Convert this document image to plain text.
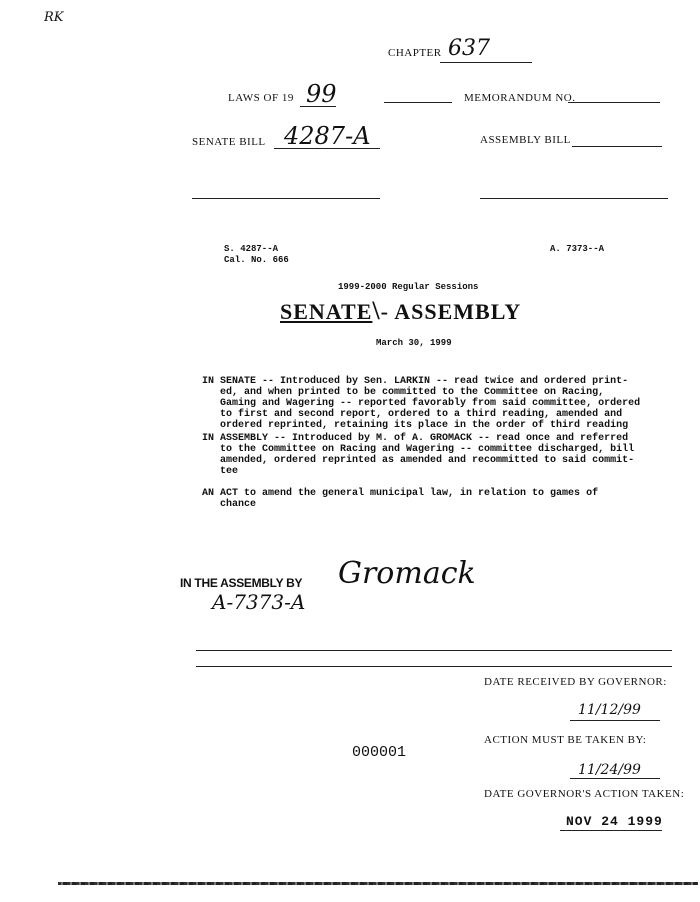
RK
CHAPTER 637
LAWS OF 19 99	MEMORANDUM NO.
SENATE BILL 4287-A	ASSEMBLY BILL
S. 4287--A
Cal. No. 666
A. 7373--A
1999-2000 Regular Sessions
SENATE\- ASSEMBLY
March 30, 1999
IN SENATE -- Introduced by Sen. LARKIN -- read twice and ordered print-
ed, and when printed to be committed to the Committee on Racing,
Gaming and Wagering -- reported favorably from said committee, ordered
to first and second report, ordered to a third reading, amended and
ordered reprinted, retaining its place in the order of third reading
IN ASSEMBLY -- Introduced by M. of A. GROMACK -- read once and referred
to the Committee on Racing and Wagering -- committee discharged, bill
amended, ordered reprinted as amended and recommitted to said commit-
tee
AN ACT to amend the general municipal law, in relation to games of
chance
IN THE ASSEMBLY BY Gromack
A-7373-A
DATE RECEIVED BY GOVERNOR:
11/12/99
ACTION MUST BE TAKEN BY:
11/24/99
DATE GOVERNOR'S ACTION TAKEN:
NOV 24 1999
000001
